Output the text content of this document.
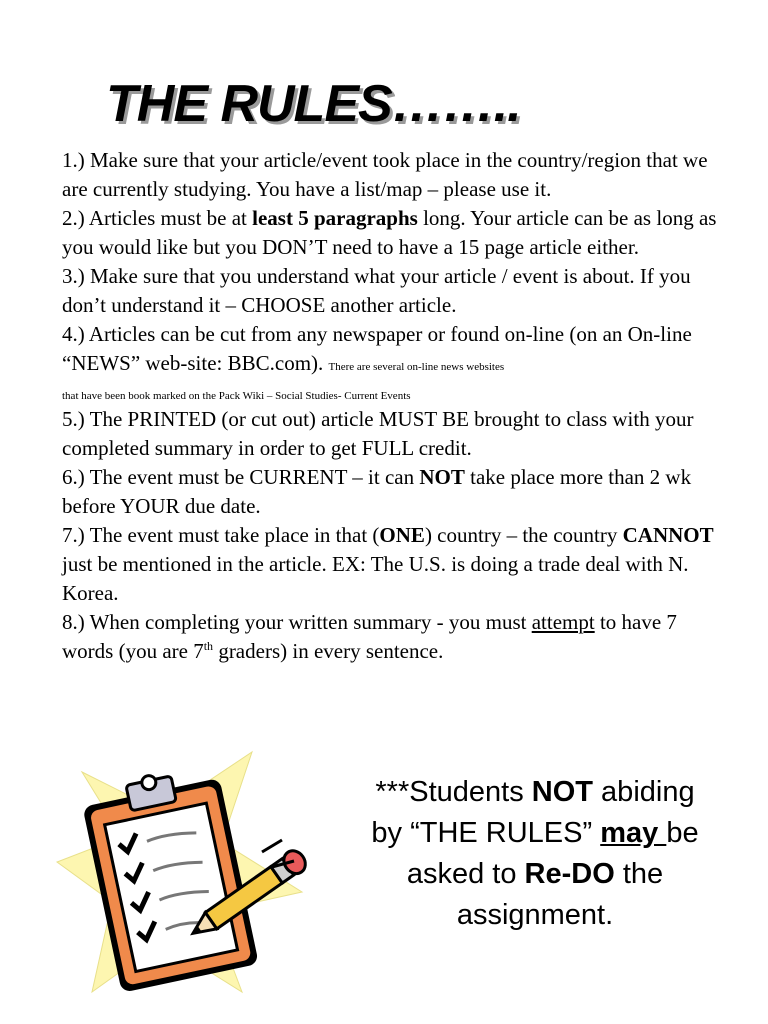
THE RULES……..

1.) Make sure that your article/event took place in the country/region that we are currently studying. You have a list/map – please use it.

2.) Articles must be at least 5 paragraphs long. Your article can be as long as you would like but you DON’T need to have a 15 page article either.

3.) Make sure that you understand what your article / event is about. If you don’t understand it – CHOOSE another article.

4.) Articles can be cut from any newspaper or found on-line (on an On-line “NEWS” web-site: BBC.com). There are several on-line news websites
that have been book marked on the Pack Wiki – Social Studies- Current Events

5.) The PRINTED (or cut out) article MUST BE brought to class with your completed summary in order to get FULL credit.

6.) The event must be CURRENT – it can NOT take place more than 2 wk before YOUR due date.

7.) The event must take place in that (ONE) country – the country CANNOT just be mentioned in the article. EX: The U.S. is doing a trade deal with N. Korea.

8.) When completing your written summary - you must attempt to have 7 words (you are 7th graders) in every sentence.

***Students NOT abiding by “THE RULES” may be asked to Re-DO the assignment.
